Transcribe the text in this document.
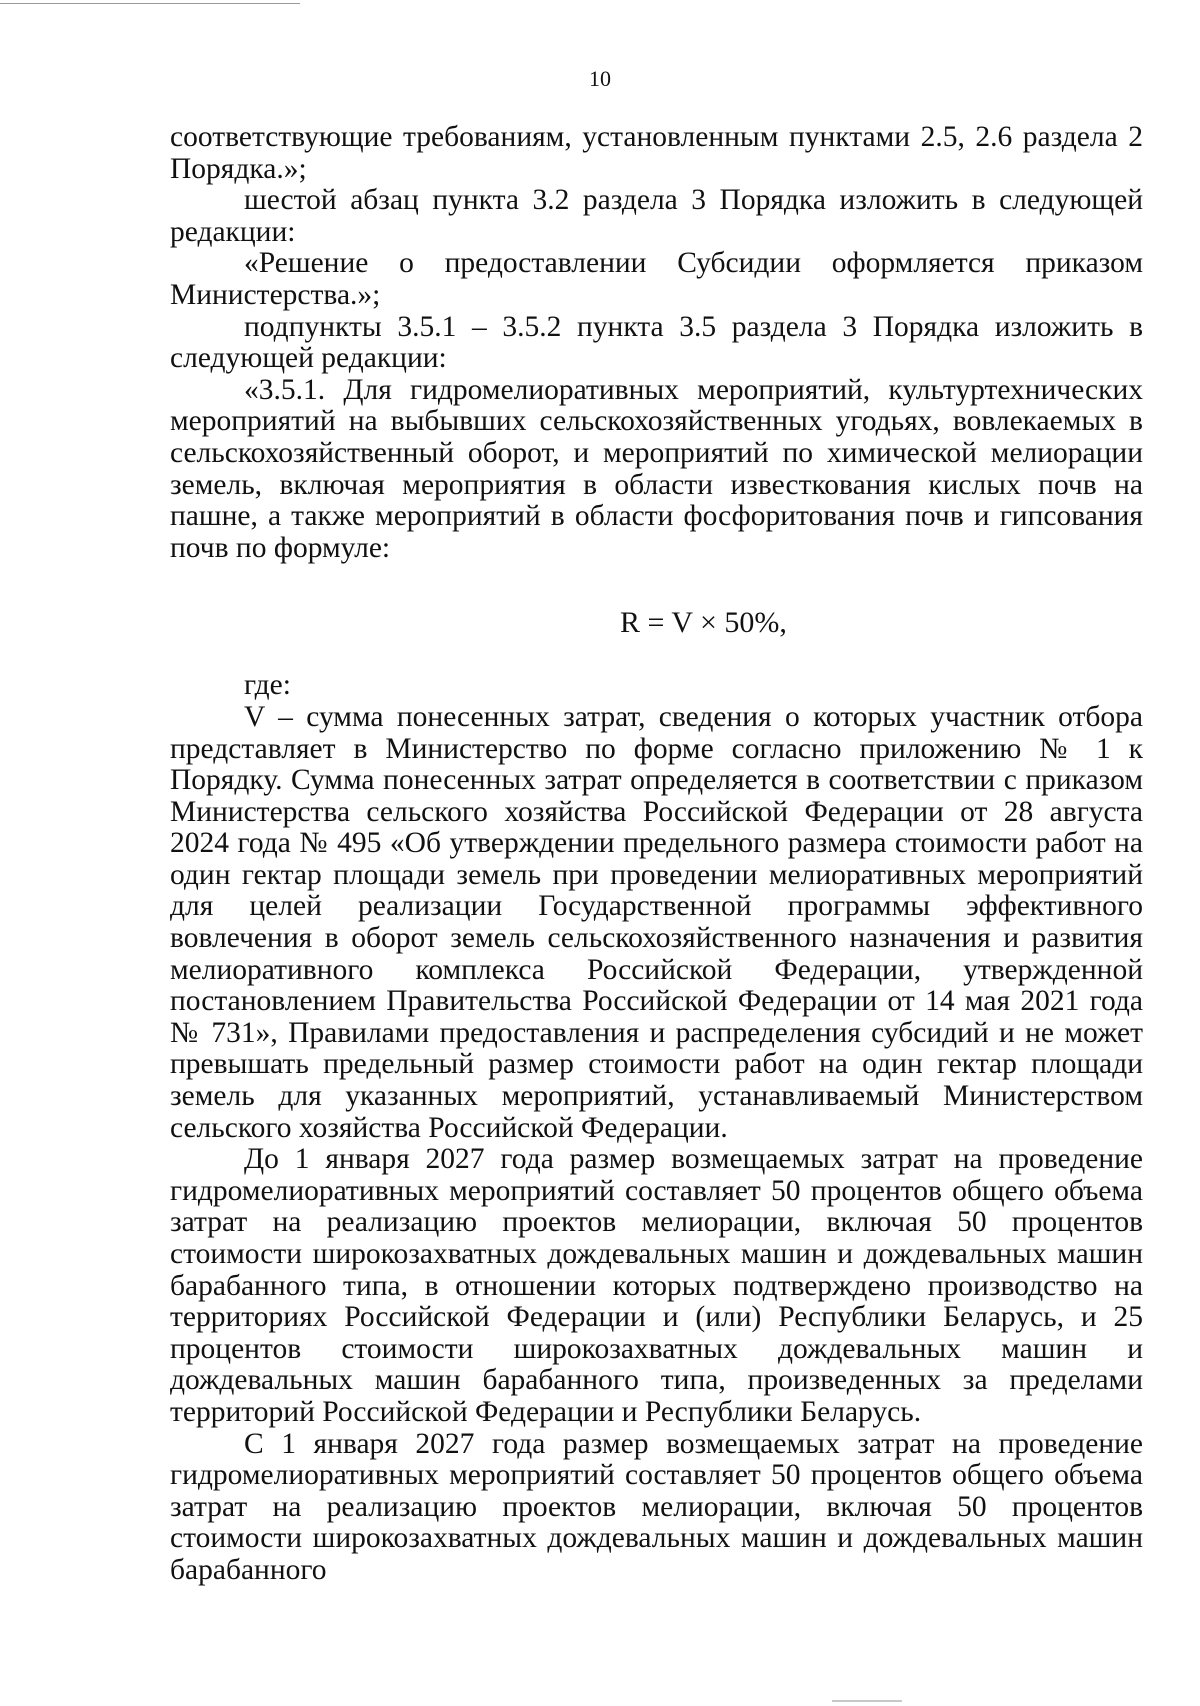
10

соответствующие требованиям, установленным пунктами 2.5, 2.6 раздела 2 Порядка.»;

шестой абзац пункта 3.2 раздела 3 Порядка изложить в следующей редакции:

«Решение о предоставлении Субсидии оформляется приказом Министерства.»;

подпункты 3.5.1 – 3.5.2 пункта 3.5 раздела 3 Порядка изложить в следующей редакции:

«3.5.1. Для гидромелиоративных мероприятий, культуртехнических мероприятий на выбывших сельскохозяйственных угодьях, вовлекаемых в сельскохозяйственный оборот, и мероприятий по химической мелиорации земель, включая мероприятия в области известкования кислых почв на пашне, а также мероприятий в области фосфоритования почв и гипсования почв по формуле:

R = V × 50%,

где:

V – сумма понесенных затрат, сведения о которых участник отбора представляет в Министерство по форме согласно приложению № 1 к Порядку. Сумма понесенных затрат определяется в соответствии с приказом Министерства сельского хозяйства Российской Федерации от 28 августа 2024 года № 495 «Об утверждении предельного размера стоимости работ на один гектар площади земель при проведении мелиоративных мероприятий для целей реализации Государственной программы эффективного вовлечения в оборот земель сельскохозяйственного назначения и развития мелиоративного комплекса Российской Федерации, утвержденной постановлением Правительства Российской Федерации от 14 мая 2021 года № 731», Правилами предоставления и распределения субсидий и не может превышать предельный размер стоимости работ на один гектар площади земель для указанных мероприятий, устанавливаемый Министерством сельского хозяйства Российской Федерации.

До 1 января 2027 года размер возмещаемых затрат на проведение гидромелиоративных мероприятий составляет 50 процентов общего объема затрат на реализацию проектов мелиорации, включая 50 процентов стоимости широкозахватных дождевальных машин и дождевальных машин барабанного типа, в отношении которых подтверждено производство на территориях Российской Федерации и (или) Республики Беларусь, и 25 процентов стоимости широкозахватных дождевальных машин и дождевальных машин барабанного типа, произведенных за пределами территорий Российской Федерации и Республики Беларусь.

С 1 января 2027 года размер возмещаемых затрат на проведение гидромелиоративных мероприятий составляет 50 процентов общего объема затрат на реализацию проектов мелиорации, включая 50 процентов стоимости широкозахватных дождевальных машин и дождевальных машин барабанного
